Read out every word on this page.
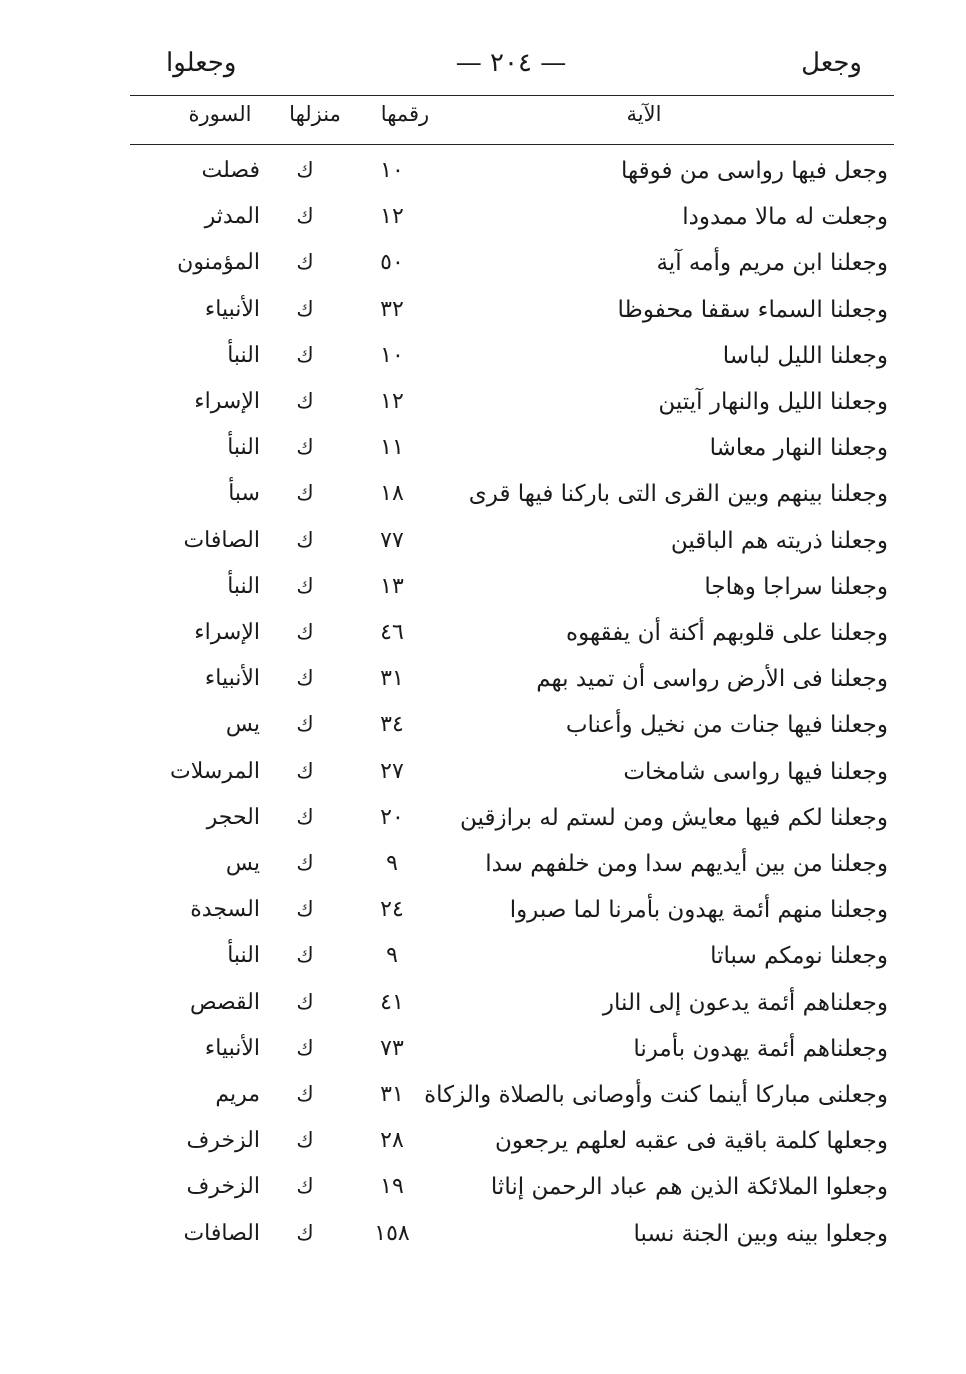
وجعل
— ٢٠٤ —
وجعلوا
الآية
رقمها
منزلها
السورة
وجعل فيها رواسى من فوقها
١٠
ك
فصلت
وجعلت له مالا ممدودا
١٢
ك
المدثر
وجعلنا ابن مريم وأمه آية
٥٠
ك
المؤمنون
وجعلنا السماء سقفا محفوظا
٣٢
ك
الأنبياء
وجعلنا الليل لباسا
١٠
ك
النبأ
وجعلنا الليل والنهار آيتين
١٢
ك
الإسراء
وجعلنا النهار معاشا
١١
ك
النبأ
وجعلنا بينهم وبين القرى التى باركنا فيها قرى
١٨
ك
سبأ
وجعلنا ذريته هم الباقين
٧٧
ك
الصافات
وجعلنا سراجا وهاجا
١٣
ك
النبأ
وجعلنا على قلوبهم أكنة أن يفقهوه
٤٦
ك
الإسراء
وجعلنا فى الأرض رواسى أن تميد بهم
٣١
ك
الأنبياء
وجعلنا فيها جنات من نخيل وأعناب
٣٤
ك
يس
وجعلنا فيها رواسى شامخات
٢٧
ك
المرسلات
وجعلنا لكم فيها معايش ومن لستم له برازقين
٢٠
ك
الحجر
وجعلنا من بين أيديهم سدا ومن خلفهم سدا
٩
ك
يس
وجعلنا منهم أئمة يهدون بأمرنا لما صبروا
٢٤
ك
السجدة
وجعلنا نومكم سباتا
٩
ك
النبأ
وجعلناهم أئمة يدعون إلى النار
٤١
ك
القصص
وجعلناهم أئمة يهدون بأمرنا
٧٣
ك
الأنبياء
وجعلنى مباركا أينما كنت وأوصانى بالصلاة والزكاة
٣١
ك
مريم
وجعلها كلمة باقية فى عقبه لعلهم يرجعون
٢٨
ك
الزخرف
وجعلوا الملائكة الذين هم عباد الرحمن إناثا
١٩
ك
الزخرف
وجعلوا بينه وبين الجنة نسبا
١٥٨
ك
الصافات
